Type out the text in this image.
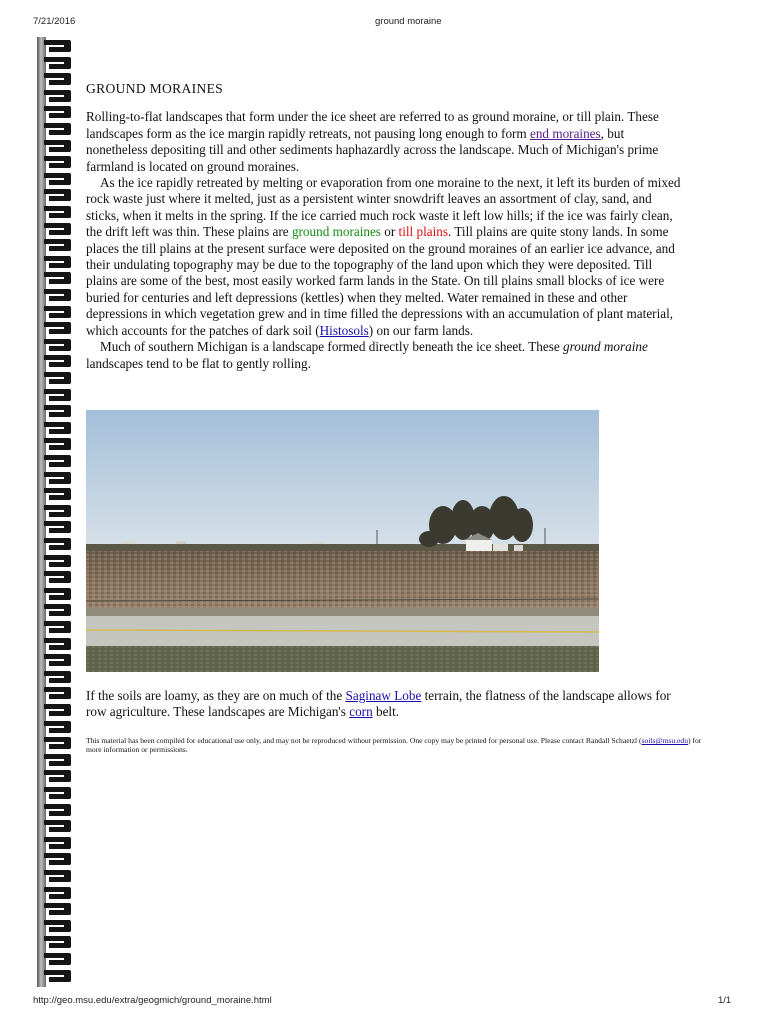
7/21/2016	ground moraine
GROUND MORAINES

Rolling-to-flat landscapes that form under the ice sheet are referred to as ground moraine, or till plain. These landscapes form as the ice margin rapidly retreats, not pausing long enough to form end moraines, but nonetheless depositing till and other sediments haphazardly across the landscape. Much of Michigan's prime farmland is located on ground moraines.

As the ice rapidly retreated by melting or evaporation from one moraine to the next, it left its burden of mixed rock waste just where it melted, just as a persistent winter snowdrift leaves an assortment of clay, sand, and sticks, when it melts in the spring. If the ice carried much rock waste it left low hills; if the ice was fairly clean, the drift left was thin. These plains are ground moraines or till plains. Till plains are quite stony lands. In some places the till plains at the present surface were deposited on the ground moraines of an earlier ice advance, and their undulating topography may be due to the topography of the land upon which they were deposited. Till plains are some of the best, most easily worked farm lands in the State. On till plains small blocks of ice were buried for centuries and left depressions (kettles) when they melted. Water remained in these and other depressions in which vegetation grew and in time filled the depressions with an accumulation of plant material, which accounts for the patches of dark soil (Histosols) on our farm lands.

Much of southern Michigan is a landscape formed directly beneath the ice sheet. These ground moraine landscapes tend to be flat to gently rolling.

If the soils are loamy, as they are on much of the Saginaw Lobe terrain, the flatness of the landscape allows for row agriculture. These landscapes are Michigan's corn belt.
This material has been compiled for educational use only, and may not be reproduced without permission. One copy may be printed for personal use. Please contact Randall Schaetzl (soils@msu.edu) for more information or permissions.
http://geo.msu.edu/extra/geogmich/ground_moraine.html	1/1
